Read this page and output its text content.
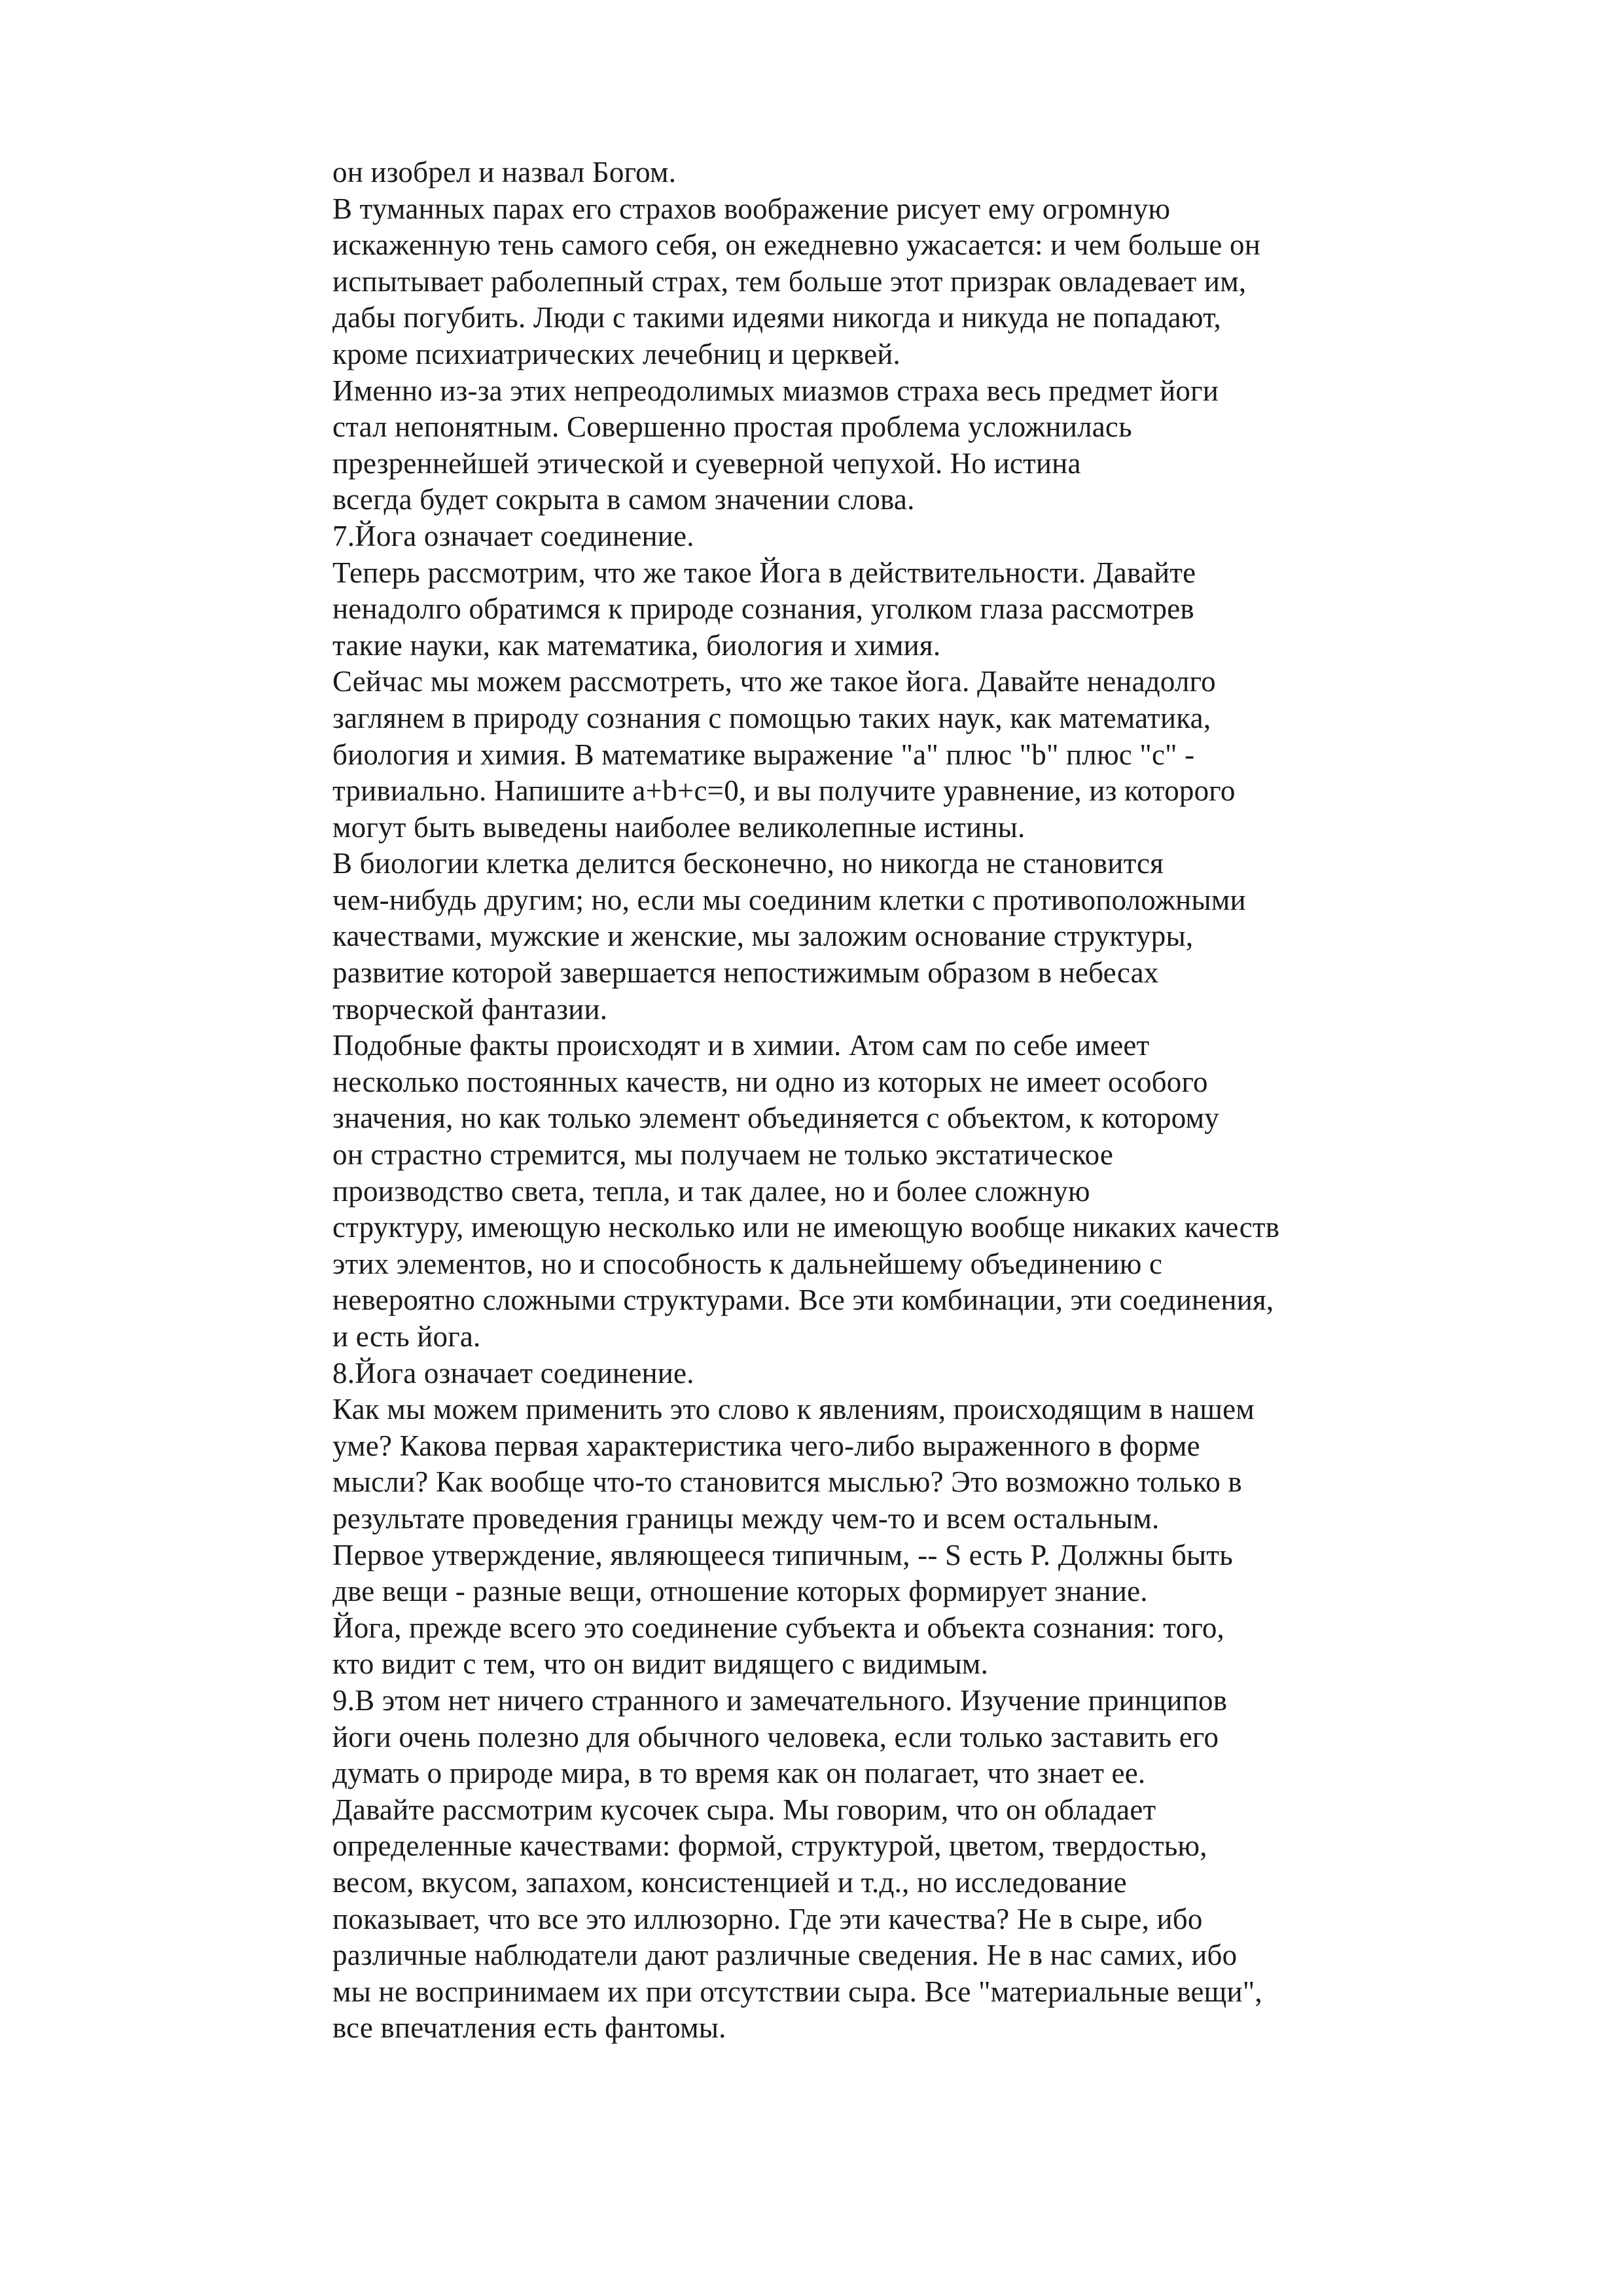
он изобрел и назвал Богом.
В туманных парах его страхов воображение рисует ему огромную
искаженную тень самого себя, он ежедневно ужасается: и чем больше он
испытывает раболепный страх, тем больше этот призрак овладевает им,
дабы погубить. Люди с такими идеями никогда и никуда не попадают,
кроме психиатрических лечебниц и церквей.
Именно из-за этих непреодолимых миазмов страха весь предмет йоги
стал непонятным. Совершенно простая проблема усложнилась
презреннейшей этической и суеверной чепухой. Но истина
всегда будет сокрыта в самом значении слова.
7.Йога означает соединение.
Теперь рассмотрим, что же такое Йога в действительности. Давайте
ненадолго обратимся к природе сознания, уголком глаза рассмотрев
такие науки, как математика, биология и химия.
Сейчас мы можем рассмотреть, что же такое йога. Давайте ненадолго
заглянем в природу сознания с помощью таких наук, как математика,
биология и химия. В математике выражение "а" плюс "b" плюс "с" -
тривиально. Напишите а+b+с=0, и вы получите уравнение, из которого
могут быть выведены наиболее великолепные истины.
В биологии клетка делится бесконечно, но никогда не становится
чем-нибудь другим; но, если мы соединим клетки с противоположными
качествами, мужские и женские, мы заложим основание структуры,
развитие которой завершается непостижимым образом в небесах
творческой фантазии.
Подобные факты происходят и в химии. Атом сам по себе имеет
несколько постоянных качеств, ни одно из которых не имеет особого
значения, но как только элемент объединяется с объектом, к которому
он страстно стремится, мы получаем не только экстатическое
производство света, тепла, и так далее, но и более сложную
структуру, имеющую несколько или не имеющую вообще никаких качеств
этих элементов, но и способность к дальнейшему объединению с
невероятно сложными структурами. Все эти комбинации, эти соединения,
и есть йога.
8.Йога означает соединение.
Как мы можем применить это слово к явлениям, происходящим в нашем
уме? Какова первая характеристика чего-либо выраженного в форме
мысли? Как вообще что-то становится мыслью? Это возможно только в
результате проведения границы между чем-то и всем остальным.
Первое утверждение, являющееся типичным, -- S есть Р. Должны быть
две вещи - разные вещи, отношение которых формирует знание.
Йога, прежде всего это соединение субъекта и объекта сознания: того,
кто видит с тем, что он видит видящего с видимым.
9.В этом нет ничего странного и замечательного. Изучение принципов
йоги очень полезно для обычного человека, если только заставить его
думать о природе мира, в то время как он полагает, что знает ее.
Давайте рассмотрим кусочек сыра. Мы говорим, что он обладает
определенные качествами: формой, структурой, цветом, твердостью,
весом, вкусом, запахом, консистенцией и т.д., но исследование
показывает, что все это иллюзорно. Где эти качества? Не в сыре, ибо
различные наблюдатели дают различные сведения. Не в нас самих, ибо
мы не воспринимаем их при отсутствии сыра. Все "материальные вещи",
все впечатления есть фантомы.
